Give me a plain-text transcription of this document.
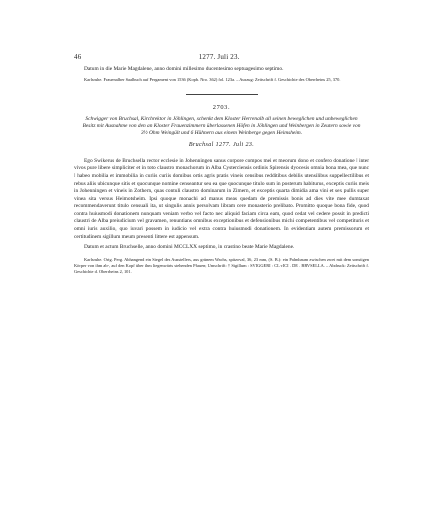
46	1277. Juli 23.

Datum in die Marie Magdalene, anno domini millesimo ducentesimo septuagesimo septimo.

Karlsruhe. Frauenalber Saalbuch auf Pergament von 1536 (Kopb. Nro. 362) fol. 123a. – Auszug: Zeitschrift f. Geschichte des Oberrheins 25, 370.

2703.

Schwigger von Bruchsal, Kirchrektor in Jöhlingen, schenkt dem Kloster Herrenalb all seinen beweglichen und unbeweglichen Besitz mit Ausnahme von den an Kloster Frauenzimmern überlassenen Höfen in Jöhlingen und Weinbergen in Zeutern sowie von 3½ Ohm Weingült und 6 Hühnern aus einem Weinberge gegen Heimsheim.

Bruchsal 1277. Juli 23.

Ego Swikerus de Bruchsella rector ecclesie in Johenningen sanus corpore compos mei et meorum dono et confero donatione ⁞ inter vivos pure libere simpliciter et in toto claustro monachorum in Alba Cysterciensis ordinis Spirensis dyocesis omnia bona mea, que nunc ⁞ habeo mobilia et immobilia in curiis curiis domibus ortis agris pratis vineis censibus redditibus debilis utensilibus suppellectilibus et rebus aliis ubicunque sitis et quocunque nomine censeantur seu ea que quocunque titulo sum in posterum habiturus, exceptis curiis meis in Johenningen et vineis in Zothern, quas contuli claustro dominarum in Zimern, et exceptis quarta dimidia ama vini et sex pullis super vinea sita versus Heimotsheim. Ipsi quoque monachi ad manus meas quedam de premissis bonis ad dies vite mee dumtaxat recommendaverunt titulo censuali ita, ut singulis annis persolvam libram cere monasterio prelibato. Promitto quoque bona fide, quod contra huiusmodi donationem nunquam veniam verbo vel facto nec aliquid faciam circa eam, quod cedat vel cedere possit in predicti claustri de Alba preiudicium vel gravamen, renuntians omnibus exceptionibus et defensionibus michi competentibus vel competituris et omni iuris auxilio, quo iuvari possem in iudicio vel extra contra huiusmodi donationem. In evidentiam autem premissorum et certitudinem sigillum meum presenti littere est appensum.

Datum et actum Bruchselle, anno domini MCCLXX septimo, in crastino beate Marie Magdalene.

Karlsruhe. Orig. Perg. Abhangend ein Siegel des Ausstellers, aus grünem Wachs, spitzoval, 36, 23 mm, (S. B.): ein Palmbaum zwischen zwei mit dem sonstigen Körper von ihm ab-, auf den Kopf über ihm liegenwärts stehenden Pfauen; Umschrift: † Sigillum : SVIGGERI : CL·rICI . DE . BRVSELLA. – Abdruck: Zeitschrift f. Geschichte d. Oberrheins 2, 101.
